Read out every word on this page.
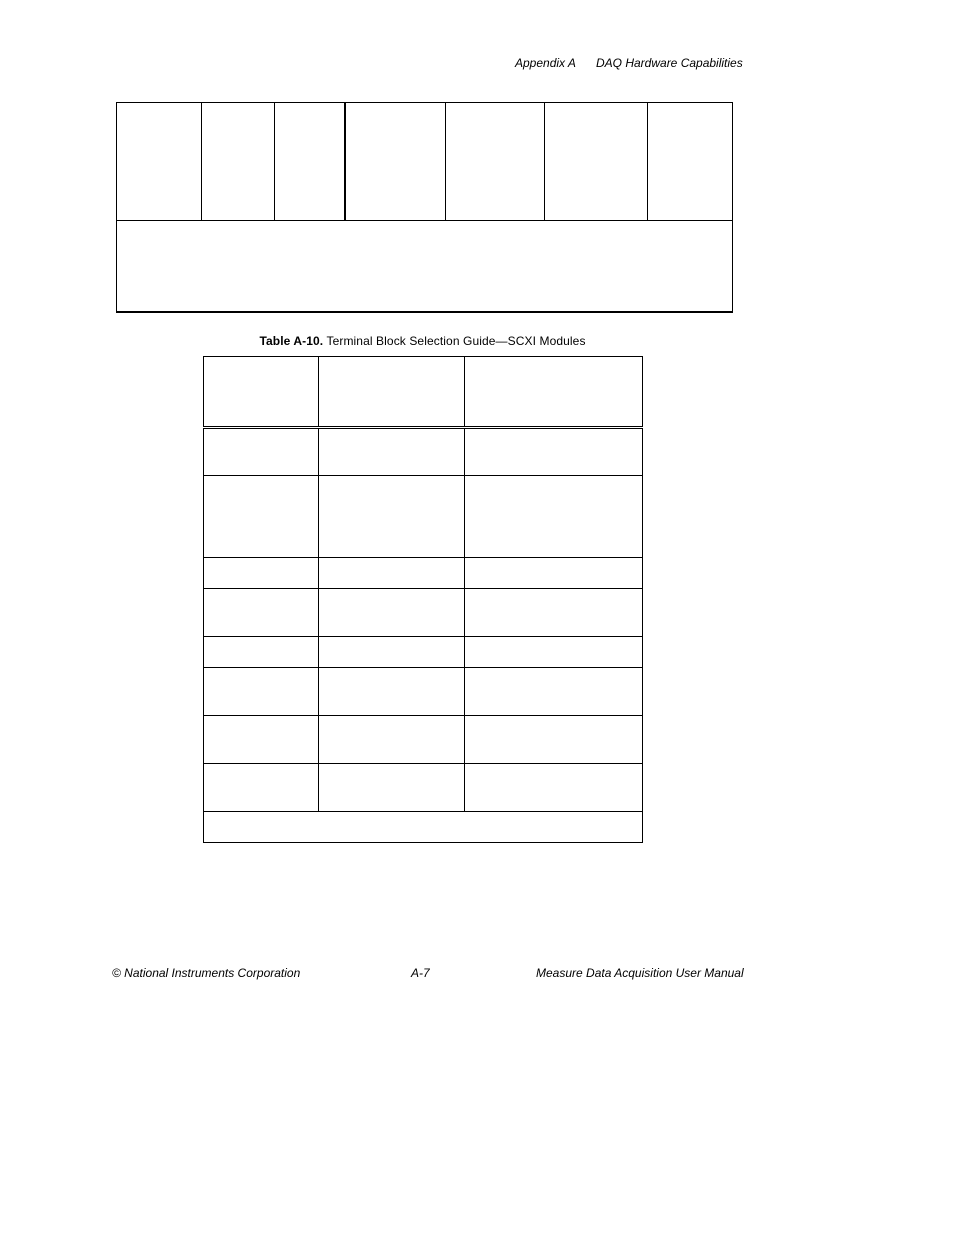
Appendix A DAQ Hardware Capabilities
Table A-10. Terminal Block Selection Guide—SCXI Modules

© National Instruments Corporation	A-7	Measure Data Acquisition User Manual
